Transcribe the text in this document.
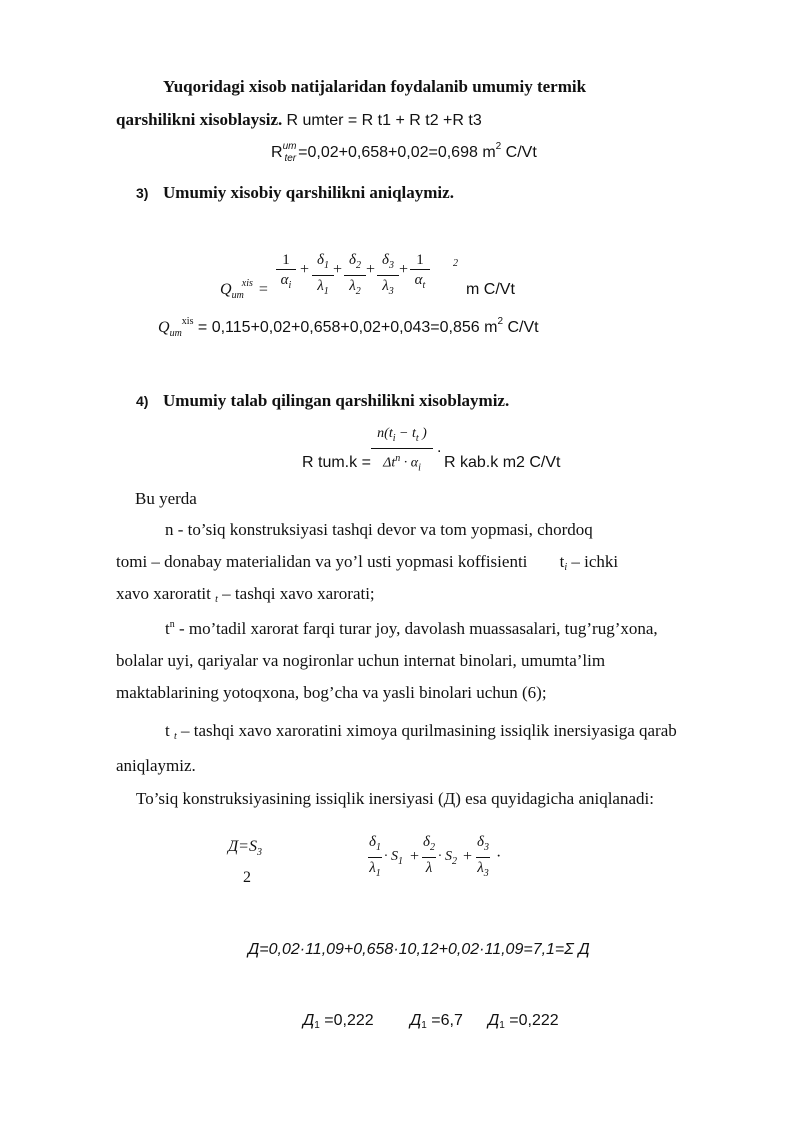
Yuqoridagi xisob natijalaridan foydalanib umumiy termik
qarshilikni xisoblaysiz. R umter = R t1 + R t2 +R t3
$R^{um}_{ter} =0,02+0,658+0,02=0,698$ $m^2$ C/Vt
3) Umumiy xisobiy qarshilikni aniqlaymiz.
$Q_{um}^{xis}$ =
1
$\alpha_i$
+
$\delta_1$
$\lambda_1$
+
$\delta_2$
$\lambda_2$
+
$\delta_3$
$\lambda_3$
+
1
$\alpha_t$
2
m C/Vt
$Q_{um}^{xis} = 0,115+0,02+0,658+0,02+0,043=0,856$ $m^2$ C/Vt
4) Umumiy talab qilingan qarshilikni xisoblaymiz.
$n(t_i - t_t$ )
$\Delta t^n \cdot \alpha_i$
.
R tum.k =	R kab.k m2 C/Vt
Bu yerda
n - to’siq konstruksiyasi tashqi devor va tom yopmasi, chordoq
tomi – donabay materialidan va yo’l usti yopmasi koffisienti ti – ichki
xavo xaroratit t – tashqi xavo xarorati;
$t^n$ - mo’tadil xarorat farqi turar joy, davolash muassasalari, tug’rug’xona,
bolalar uyi, qariyalar va nogironlar uchun internat binolari, umumta’lim
maktablarining yotoqxona, bog’cha va yasli binolari uchun (6);
t t – tashqi xavo xaroratini ximoya qurilmasining issiqlik inersiyasiga qarab
aniqlaymiz.
To’siq konstruksiyasining issiqlik inersiyasi (Д) esa quyidagicha aniqlanadi:
$Д=S_3$
2
$\delta_1$
$\lambda_1$
· $S_1$ +
$\delta_2$
λ
· $S_2$ +
$\delta_3$
$\lambda_3$
·
Д=0,02·11,09+0,658·10,12+0,02·11,09=7,1=Σ Д
Д1 =0,222 Д1 =6,7 Д1 =0,222
